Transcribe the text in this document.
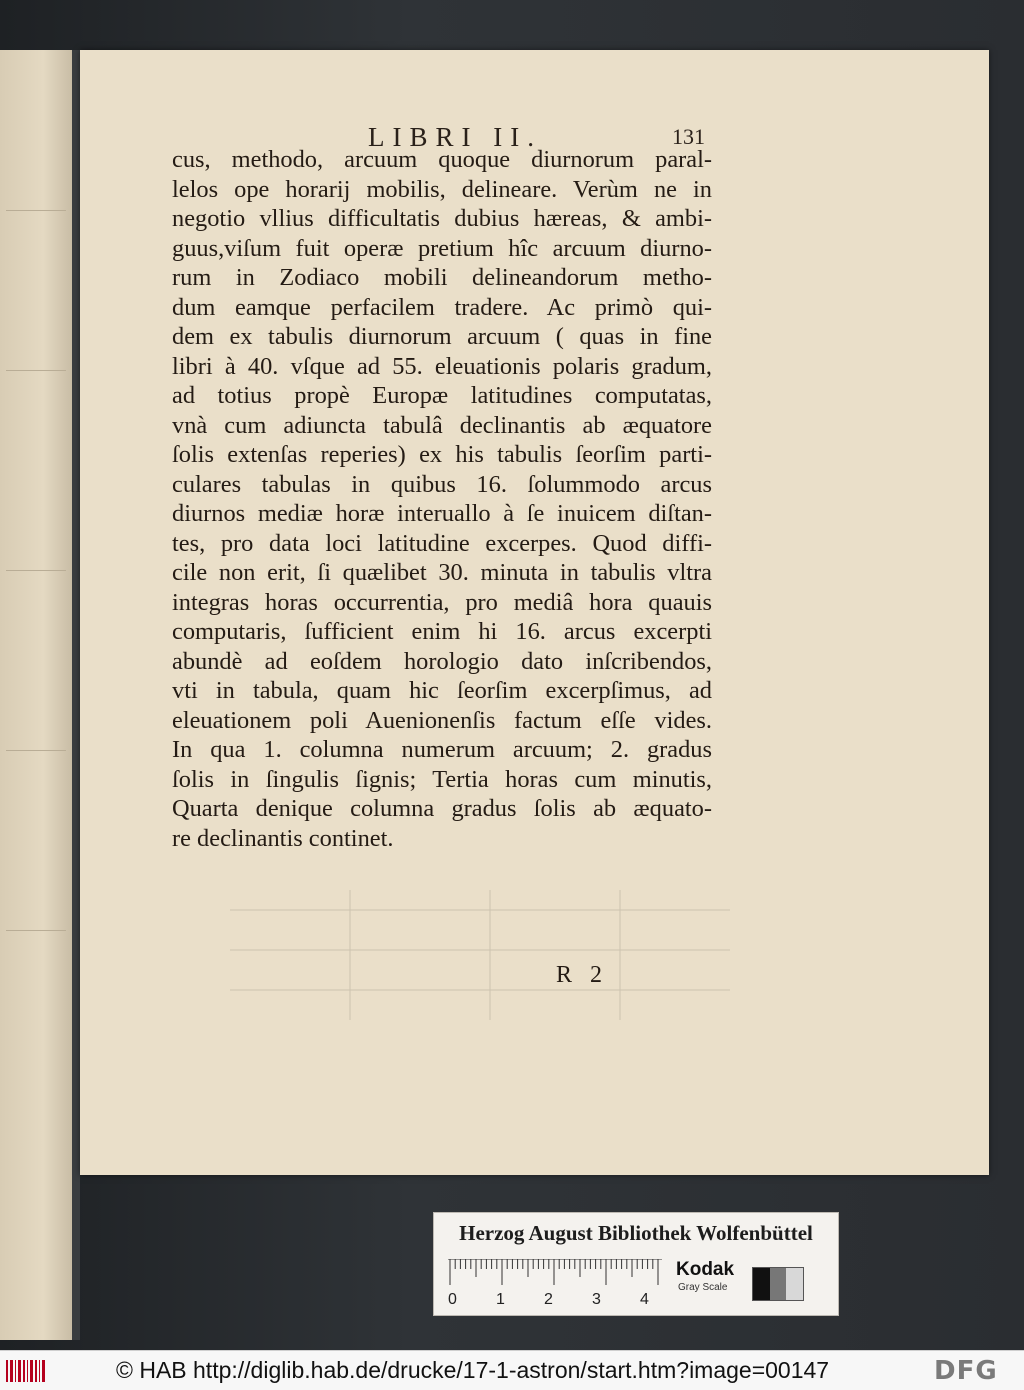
LIBRI II.	131
cus, methodo, arcuum quoque diurnorum paral-
lelos ope horarij mobilis, delineare. Verùm ne in
negotio vllius difficultatis dubius hæreas, & ambi-
guus,viſum fuit operæ pretium hîc arcuum diurno-
rum in Zodiaco mobili delineandorum metho-
dum eamque perfacilem tradere. Ac primò qui-
dem ex tabulis diurnorum arcuum ( quas in fine
libri à 40. vſque ad 55. eleuationis polaris gradum,
ad totius propè Europæ latitudines computatas,
vnà cum adiuncta tabulâ declinantis ab æquatore
ſolis extenſas reperies) ex his tabulis ſeorſim parti-
culares tabulas in quibus 16. ſolummodo arcus
diurnos mediæ horæ interuallo à ſe inuicem diſtan-
tes, pro data loci latitudine excerpes. Quod diffi-
cile non erit, ſi quælibet 30. minuta in tabulis vltra
integras horas occurrentia, pro mediâ hora quauis
computaris, ſufficient enim hi 16. arcus excerpti
abundè ad eoſdem horologio dato inſcribendos,
vti in tabula, quam hic ſeorſim excerpſimus, ad
eleuationem poli Auenionenſis factum eſſe vides.
In qua 1. columna numerum arcuum; 2. gradus
ſolis in ſingulis ſignis; Tertia horas cum minutis,
Quarta denique columna gradus ſolis ab æquato-
re declinantis continet.
R 2
Herzog August Bibliothek Wolfenbüttel
0 1 2 3 4
Kodak
Gray Scale
© HAB http://diglib.hab.de/drucke/17-1-astron/start.htm?image=00147	DFG
